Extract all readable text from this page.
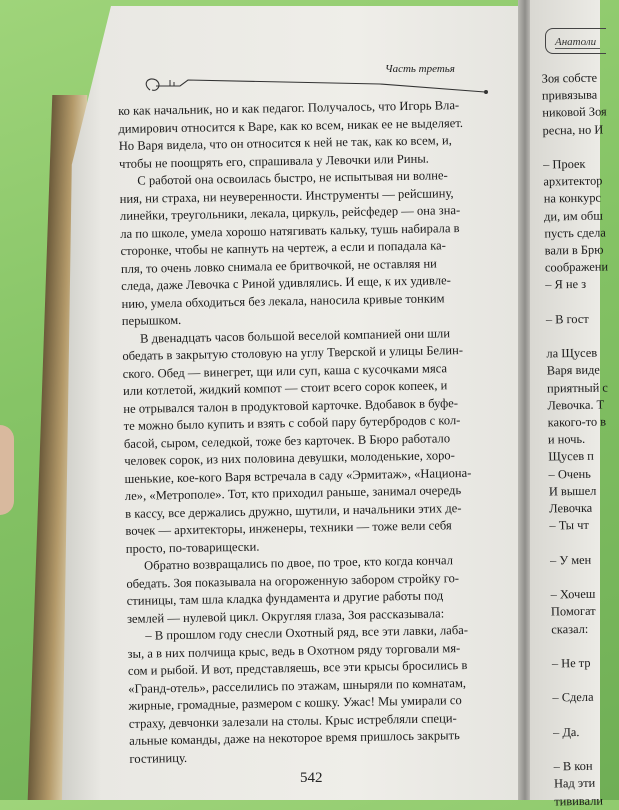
Часть третья

ко как начальник, но и как педагог. Получалось, что Игорь Вла-
димирович относится к Варе, как ко всем, никак ее не выделяет.
Но Варя видела, что он относится к ней не так, как ко всем, и,
чтобы не поощрять его, спрашивала у Левочки или Рины.

С работой она освоилась быстро, не испытывая ни волне-
ния, ни страха, ни неуверенности. Инструменты — рейсшину,
линейки, треугольники, лекала, циркуль, рейсфедер — она зна-
ла по школе, умела хорошо натягивать кальку, тушь набирала в
сторонке, чтобы не капнуть на чертеж, а если и попадала ка-
пля, то очень ловко снимала ее бритвочкой, не оставляя ни
следа, даже Левочка с Риной удивлялись. И еще, к их удивле-
нию, умела обходиться без лекала, наносила кривые тонким
перышком.

В двенадцать часов большой веселой компанией они шли
обедать в закрытую столовую на углу Тверской и улицы Белин-
ского. Обед — винегрет, щи или суп, каша с кусочками мяса
или котлетой, жидкий компот — стоит всего сорок копеек, и
не отрывался талон в продуктовой карточке. Вдобавок в буфе-
те можно было купить и взять с собой пару бутербродов с кол-
басой, сыром, селедкой, тоже без карточек. В Бюро работало
человек сорок, из них половина девушки, молоденькие, хоро-
шенькие, кое-кого Варя встречала в саду «Эрмитаж», «Национа-
ле», «Метрополе». Тот, кто приходил раньше, занимал очередь
в кассу, все держались дружно, шутили, и начальники этих де-
вочек — архитекторы, инженеры, техники — тоже вели себя
просто, по-товарищески.

Обратно возвращались по двое, по трое, кто когда кончал
обедать. Зоя показывала на огороженную забором стройку го-
стиницы, там шла кладка фундамента и другие работы под
землей — нулевой цикл. Округляя глаза, Зоя рассказывала:

– В прошлом году снесли Охотный ряд, все эти лавки, лаба-
зы, а в них полчища крыс, ведь в Охотном ряду торговали мя-
сом и рыбой. И вот, представляешь, все эти крысы бросились в
«Гранд-отель», расселились по этажам, шныряли по комнатам,
жирные, громадные, размером с кошку. Ужас! Мы умирали со
страху, девчонки залезали на столы. Крыс истребляли специ-
альные команды, даже на некоторое время пришлось закрыть
гостиницу.

542
Анатоли
Зоя собсте
привязыва
никовой Зоя
ресна, но И

– Проек
архитектор
на конкурс
ди, им обш
пусть сдела
вали в Брю
соображени
– Я не з

– В гост

ла Щусев
Варя виде
приятный с
Левочка. Т
какого-то в
и ночь.
Щусев п
– Очень
И вышел
Левочка
– Ты чт

– У мен

– Хочеш
Помогат
сказал:

– Не тр

– Сдела

– Да.

– В кон
Над эти
тививали
